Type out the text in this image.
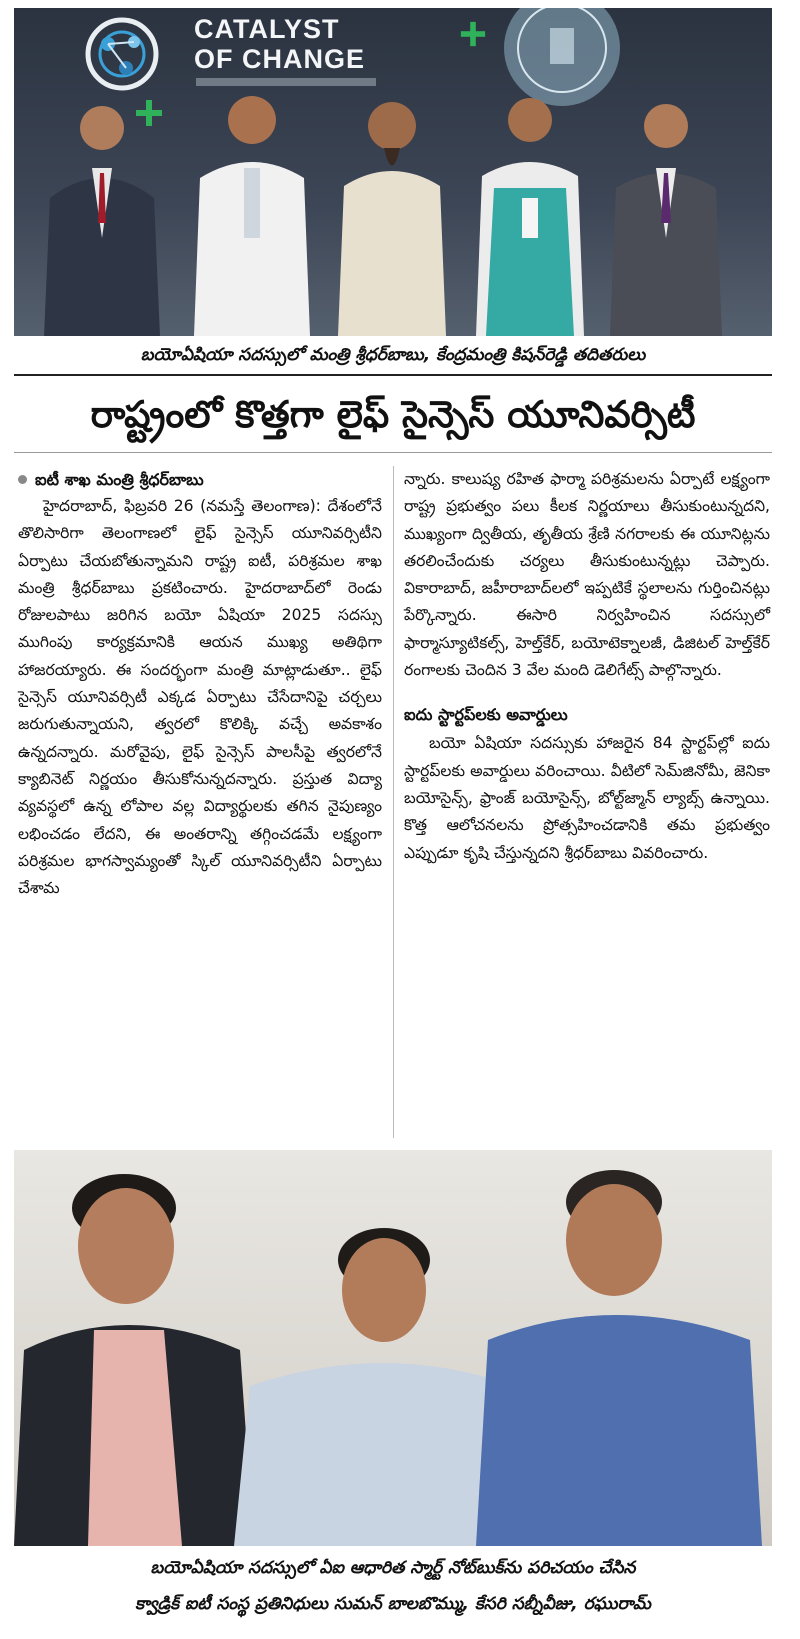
CATALYST
OF CHANGE
బయోఏషియా సదస్సులో మంత్రి శ్రీధర్‌బాబు, కేంద్రమంత్రి కిషన్‌రెడ్డి తదితరులు
రాష్ట్రంలో కొత్తగా లైఫ్ సైన్సెస్ యూనివర్సిటీ
ఐటీ శాఖ మంత్రి శ్రీధర్‌బాబు

హైదరాబాద్, ఫిబ్రవరి 26 (నమస్తే తెలంగాణ): దేశంలోనే తొలిసారిగా తెలంగాణలో లైఫ్ సైన్సెస్ యూనివర్సిటీని ఏర్పాటు చేయబోతున్నామని రాష్ట్ర ఐటీ, పరిశ్రమల శాఖ మంత్రి శ్రీధర్‌బాబు ప్రకటించారు. హైదరాబాద్‌లో రెండు రోజులపాటు జరిగిన బయో ఏషియా 2025 సదస్సు ముగింపు కార్యక్రమానికి ఆయన ముఖ్య అతిథిగా హాజరయ్యారు. ఈ సందర్భంగా మంత్రి మాట్లాడుతూ.. లైఫ్ సైన్సెస్ యూనివర్సిటీ ఎక్కడ ఏర్పాటు చేసేదానిపై చర్చలు జరుగుతున్నాయని, త్వరలో కొలిక్కి వచ్చే అవకాశం ఉన్నదన్నారు. మరోవైపు, లైఫ్ సైన్సెస్ పాలసీపై త్వరలోనే క్యాబినెట్ నిర్ణయం తీసుకోనున్నదన్నారు. ప్రస్తుత విద్యా వ్యవస్థలో ఉన్న లోపాల వల్ల విద్యార్థులకు తగిన నైపుణ్యం లభించడం లేదని, ఈ అంతరాన్ని తగ్గించడమే లక్ష్యంగా పరిశ్రమల భాగస్వామ్యంతో స్కిల్ యూనివర్సిటీని ఏర్పాటు చేశామ

న్నారు. కాలుష్య రహిత ఫార్మా పరిశ్రమలను ఏర్పాటే లక్ష్యంగా రాష్ట్ర ప్రభుత్వం పలు కీలక నిర్ణయాలు తీసుకుంటున్నదని, ముఖ్యంగా ద్వితీయ, తృతీయ శ్రేణి నగరాలకు ఈ యూనిట్లను తరలించేందుకు చర్యలు తీసుకుంటున్నట్లు చెప్పారు. వికారాబాద్, జహీరాబాద్‌లలో ఇప్పటికే స్థలాలను గుర్తించినట్లు పేర్కొన్నారు. ఈసారి నిర్వహించిన సదస్సులో ఫార్మాస్యూటికల్స్, హెల్త్‌కేర్, బయోటెక్నాలజీ, డిజిటల్ హెల్త్‌కేర్ రంగాలకు చెందిన 3 వేల మంది డెలిగేట్స్ పాల్గొన్నారు.

ఐదు స్టార్టప్‌లకు అవార్డులు

బయో ఏషియా సదస్సుకు హాజరైన 84 స్టార్టప్‌ల్లో ఐదు స్టార్టప్‌లకు అవార్డులు వరించాయి. వీటిలో సెమ్‌జినోమీ, జెనికా బయోసైన్స్, ఫ్రాంజ్ బయోసైన్స్, బోల్ట్‌జ్మాన్ ల్యాబ్స్ ఉన్నాయి. కొత్త ఆలోచనలను ప్రోత్సహించడానికి తమ ప్రభుత్వం ఎప్పుడూ కృషి చేస్తున్నదని శ్రీధర్‌బాబు వివరించారు.

బయోఏషియా సదస్సులో ఏఐ ఆధారిత స్మార్ట్ నోట్‌బుక్‌ను పరిచయం చేసిన
క్వాడ్రిక్ ఐటీ సంస్థ ప్రతినిధులు సుమన్ బాలబొమ్ము, కేసరి సబ్నీవీజు, రఘురామ్
